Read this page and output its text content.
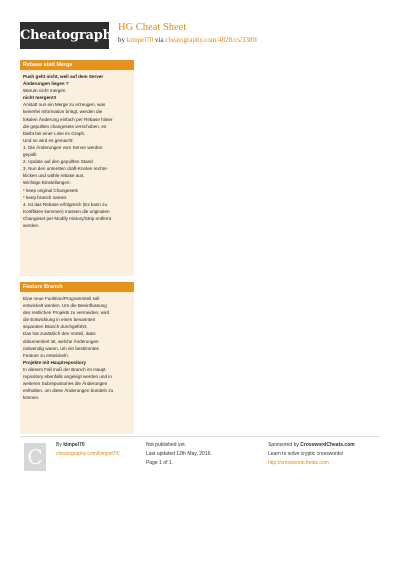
Cheatography
HG Cheat Sheet
by kimpel70 via cheatography.com/4828/cs/3380/
Rebase statt Merge
Push geht nicht, weil auf dem Server
Änderungen liegen ?
Warum nicht mergen
nicht mergen!!!
Anstatt nun ein Merge zu erzeugen, was
keinerlei Information bringt, werden die
lokalen Änderung einfach per Rebase hinter
die gepullten changesets verschoben, es
bleibt bei einer Linie im Graph.
Und so wird es gemacht:
1. Die Änderungen vom Server werden
gepullt
2. Update auf den gepullten Stand
3. Nun den untersten draft-Knoten rechts-
klicken und wähle rebase aus.
Wichtige Einstellungen:
* keep original Changesets
* keep branch names
4. Ist das Rebase erfolgreich (Es kann zu
Konflikten kommen) müssen die originalen
Changeset per Modify History/Strip entfernt
werden.
Feature Branch
Eine neue Funktion/Programmteil soll
entwickelt werden. Um die Beeinflussung
des restlichen Projekts zu vermeiden, wird
die Entwicklung in einen benannten
separaten Branch durchgeführt.
Das hat zusätzlich den Vorteil, dass
dokumentiert ist, welche Änderungen
notwendig waren, um ein bestimmtes
Feature zu entwickeln.
Projekte mit Hauptrepository
In diesem Fall muß der Branch im Haupt-
repository ebenfalls angelegt werden und in
weiteren Subrepositories die Änderungen
enthalten, um diese Änderungen bündeln zu
können.
C	By kimpel70
cheatography.com/kimpel70/
Not published yet.
Last updated 12th May, 2016.
Page 1 of 1.
Sponsored by CrosswordCheats.com
Learn to solve cryptic crosswords!
http://crosswordcheats.com
